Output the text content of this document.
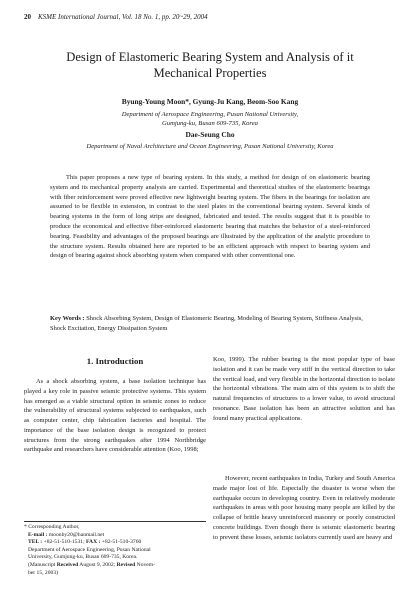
20 KSME International Journal, Vol. 18 No. 1, pp. 20~29, 2004
Design of Elastomeric Bearing System and Analysis of it
Mechanical Properties
Byung-Young Moon*, Gyung-Ju Kang, Beom-Soo Kang
Department of Aerospace Engineering, Pusan National University,
Gumjung-ku, Busan 609-735, Korea
Dae-Seung Cho
Department of Naval Architecture and Ocean Engineering, Pusan National University, Korea

This paper proposes a new type of bearing system. In this study, a method for design of on elastomeric bearing system and its mechanical property analysis are carried. Experimental and theoretical studies of the elastomeric bearings with fiber reinforcement were proved effective new lightweight bearing system. The fibers in the bearings for isolation are assumed to be flexible in extension, in contrast to the steel plates in the conventional bearing system. Several kinds of bearing systems in the form of long strips are designed, fabricated and tested. The results suggest that it is possible to produce the economical and effective fiber-reinforced elastomeric bearing that matches the behavior of a steel-reinforced bearing. Feasibility and advantages of the proposed bearings are illustrated by the application of the analytic procedure to the structure system. Results obtained here are reported to be an efficient approach with respect to bearing system and design of bearing against shock absorbing system when compared with other conventional one.

Key Words : Shock Absorbing System, Design of Elastomeric Bearing, Modeling of Bearing System, Stiffness Analysis, Shock Excitation, Energy Dissipation System

1. Introduction

As a shock absorbing system, a base isolation technique has played a key role in passive seismic protective systems. This system has emerged as a viable structural option in seismic zones to reduce the vulnerability of structural systems subjected to earthquakes, such as computer center, chip fabrication factories and hospital. The importance of the base isolation design is recognized to protect structures from the strong earthquakes after 1994 Northbridge earthquake and researchers have considerable attention (Koo, 1998;

Koo, 1999). The rubber bearing is the most popular type of base isolation and it can be made very stiff in the vertical direction to take the vertical load, and very flexible in the horizontal direction to isolate the horizontal vibrations. The main aim of this system is to shift the natural frequencies of structures to a lower value, to avoid structural resonance. Base isolation has been an attractive solution and has found many practical applications.

However, recent earthquakes in India, Turkey and South America made major lost of life. Especially the disaster is worse when the earthquake occurs in developing country. Even in relatively moderate earthquakes in areas with poor housing many people are killed by the collapse of brittle heavy unreinforced masonry or poorly constructed concrete buildings. Even though there is seismic elastomeric bearing to prevent these losses, seismic isolators currently used are heavy and

* Corresponding Author,
E-mail : moonby20@hanmail.net
TEL : +82-51-510-1531; FAX : +82-51-510-3760
Department of Aerospace Engineering, Pusan National
University, Gumjung-ku, Busan 609-735, Korea.
(Manuscript Received August 9, 2002; Revised Novem-
ber 15, 2003)
